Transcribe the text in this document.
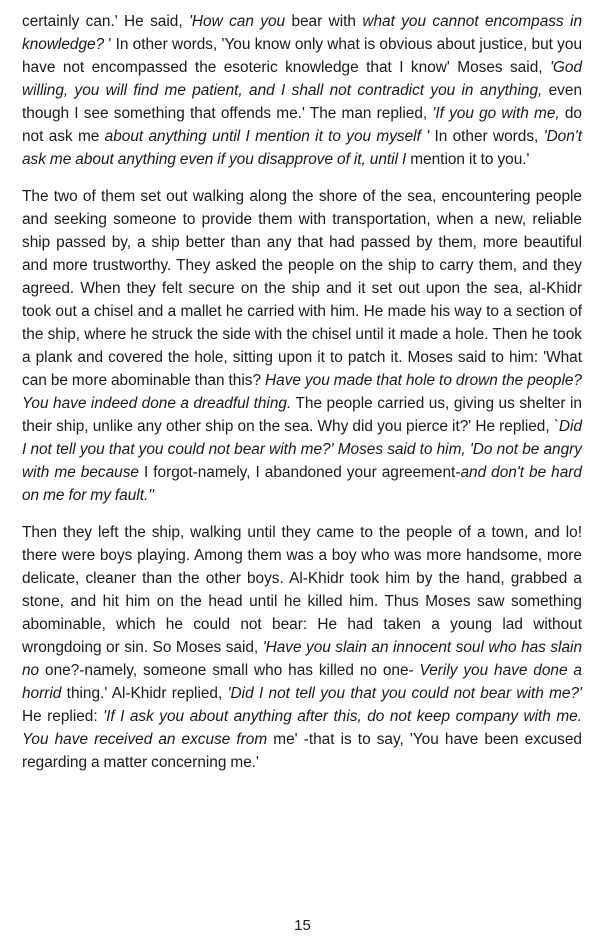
certainly can.' He said, 'How can you bear with what you cannot encompass in knowledge? ' In other words, 'You know only what is obvious about justice, but you have not encompassed the esoteric knowledge that I know' Moses said, 'God willing, you will find me patient, and I shall not contradict you in anything, even though I see something that offends me.' The man replied, 'If you go with me, do not ask me about anything until I mention it to you myself ' In other words, 'Don't ask me about anything even if you disapprove of it, until I mention it to you.'

The two of them set out walking along the shore of the sea, encountering people and seeking someone to provide them with transportation, when a new, reliable ship passed by, a ship better than any that had passed by them, more beautiful and more trustworthy. They asked the people on the ship to carry them, and they agreed. When they felt secure on the ship and it set out upon the sea, al-Khidr took out a chisel and a mallet he carried with him. He made his way to a section of the ship, where he struck the side with the chisel until it made a hole. Then he took a plank and covered the hole, sitting upon it to patch it. Moses said to him: 'What can be more abominable than this? Have you made that hole to drown the people? You have indeed done a dreadful thing. The people carried us, giving us shelter in their ship, unlike any other ship on the sea. Why did you pierce it?' He replied, `Did I not tell you that you could not bear with me?' Moses said to him, 'Do not be angry with me because I forgot-namely, I abandoned your agreement-and don't be hard on me for my fault.''

Then they left the ship, walking until they came to the people of a town, and lo! there were boys playing. Among them was a boy who was more handsome, more delicate, cleaner than the other boys. Al-Khidr took him by the hand, grabbed a stone, and hit him on the head until he killed him. Thus Moses saw something abominable, which he could not bear: He had taken a young lad without wrongdoing or sin. So Moses said, 'Have you slain an innocent soul who has slain no one?-namely, someone small who has killed no one- Verily you have done a horrid thing.' Al-Khidr replied, 'Did I not tell you that you could not bear with me?' He replied: 'If I ask you about anything after this, do not keep company with me. You have received an excuse from me' -that is to say, 'You have been excused regarding a matter concerning me.'

15
